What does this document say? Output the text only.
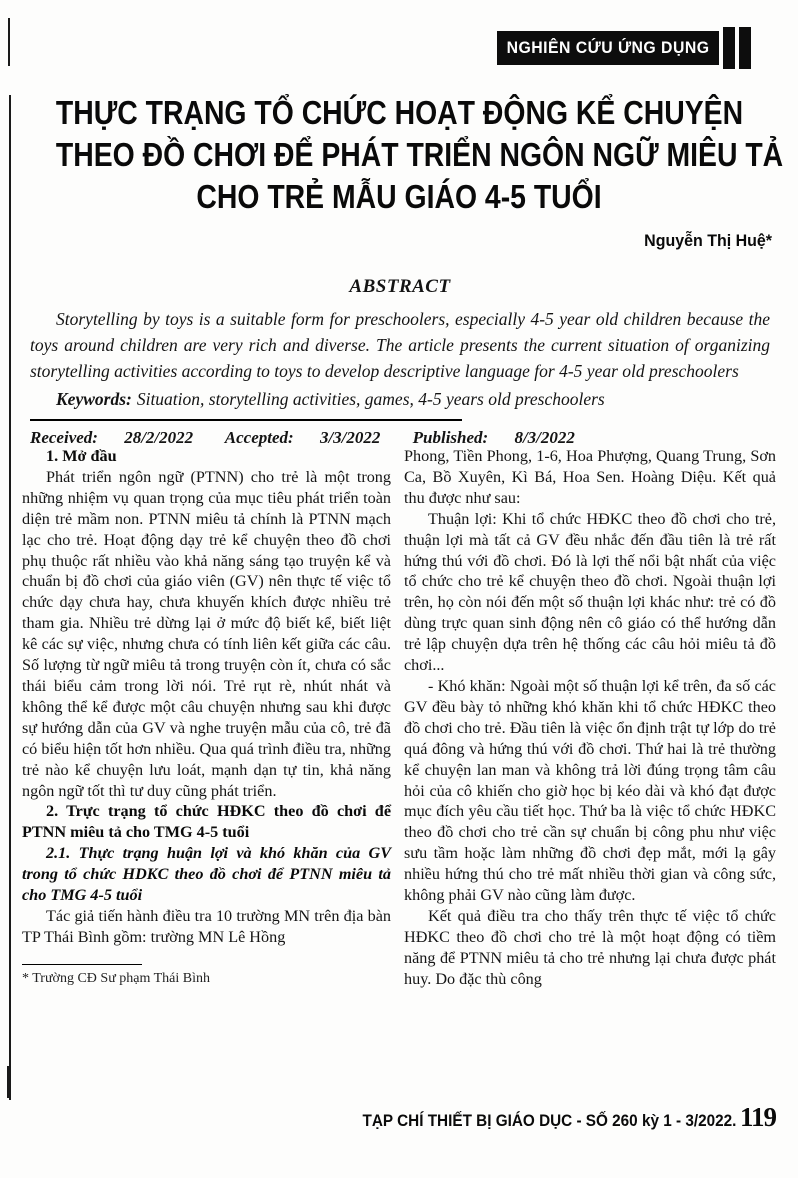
NGHIÊN CỨU ỨNG DỤNG
THỰC TRẠNG TỔ CHỨC HOẠT ĐỘNG KỂ CHUYỆN
THEO ĐỒ CHƠI ĐỂ PHÁT TRIỂN NGÔN NGỮ MIÊU TẢ
CHO TRẺ MẪU GIÁO 4-5 TUỔI
Nguyễn Thị Huệ*
ABSTRACT

Storytelling by toys is a suitable form for preschoolers, especially 4-5 year old children because the toys around children are very rich and diverse. The article presents the current situation of organizing storytelling activities according to toys to develop descriptive language for 4-5 year old preschoolers

Keywords: Situation, storytelling activities, games, 4-5 years old preschoolers

Received: 28/2/2022 Accepted: 3/3/2022 Published: 8/3/2022

1. Mở đầu

Phát triển ngôn ngữ (PTNN) cho trẻ là một trong những nhiệm vụ quan trọng của mục tiêu phát triển toàn diện trẻ mầm non. PTNN miêu tả chính là PTNN mạch lạc cho trẻ. Hoạt động dạy trẻ kể chuyện theo đồ chơi phụ thuộc rất nhiều vào khả năng sáng tạo truyện kể và chuẩn bị đồ chơi của giáo viên (GV) nên thực tế việc tổ chức dạy chưa hay, chưa khuyến khích được nhiều trẻ tham gia. Nhiều trẻ dừng lại ở mức độ biết kể, biết liệt kê các sự việc, nhưng chưa có tính liên kết giữa các câu. Số lượng từ ngữ miêu tả trong truyện còn ít, chưa có sắc thái biểu cảm trong lời nói. Trẻ rụt rè, nhút nhát và không thể kể được một câu chuyện nhưng sau khi được sự hướng dẫn của GV và nghe truyện mẫu của cô, trẻ đã có biểu hiện tốt hơn nhiều. Qua quá trình điều tra, những trẻ nào kể chuyện lưu loát, mạnh dạn tự tin, khả năng ngôn ngữ tốt thì tư duy cũng phát triển.

2. Trực trạng tổ chức HĐKC theo đồ chơi để PTNN miêu tả cho TMG 4-5 tuổi

2.1. Thực trạng huận lợi và khó khăn của GV trong tổ chức HDKC theo đồ chơi để PTNN miêu tả cho TMG 4-5 tuổi

Tác giả tiến hành điều tra 10 trường MN trên địa bàn TP Thái Bình gồm: trường MN Lê Hồng

* Trường CĐ Sư phạm Thái Bình

Phong, Tiền Phong, 1-6, Hoa Phượng, Quang Trung, Sơn Ca, Bồ Xuyên, Kì Bá, Hoa Sen. Hoàng Diệu. Kết quả thu được như sau:

Thuận lợi: Khi tổ chức HĐKC theo đồ chơi cho trẻ, thuận lợi mà tất cả GV đều nhắc đến đầu tiên là trẻ rất hứng thú với đồ chơi. Đó là lợi thế nổi bật nhất của việc tổ chức cho trẻ kể chuyện theo đồ chơi. Ngoài thuận lợi trên, họ còn nói đến một số thuận lợi khác như: trẻ có đồ dùng trực quan sinh động nên cô giáo có thể hướng dẫn trẻ lập chuyện dựa trên hệ thống các câu hỏi miêu tả đồ chơi...

- Khó khăn: Ngoài một số thuận lợi kể trên, đa số các GV đều bày tỏ những khó khăn khi tổ chức HĐKC theo đồ chơi cho trẻ. Đầu tiên là việc ổn định trật tự lớp do trẻ quá đông và hứng thú với đồ chơi. Thứ hai là trẻ thường kể chuyện lan man và không trả lời đúng trọng tâm câu hỏi của cô khiến cho giờ học bị kéo dài và khó đạt được mục đích yêu cầu tiết học. Thứ ba là việc tổ chức HĐKC theo đồ chơi cho trẻ cần sự chuẩn bị công phu như việc sưu tầm hoặc làm những đồ chơi đẹp mắt, mới lạ gây nhiều hứng thú cho trẻ mất nhiều thời gian và công sức, không phải GV nào cũng làm được.

Kết quả điều tra cho thấy trên thực tế việc tổ chức HĐKC theo đồ chơi cho trẻ là một hoạt động có tiềm năng để PTNN miêu tả cho trẻ nhưng lại chưa được phát huy. Do đặc thù công

TẠP CHÍ THIẾT BỊ GIÁO DỤC - SỐ 260 kỳ 1 - 3/2022. 119
